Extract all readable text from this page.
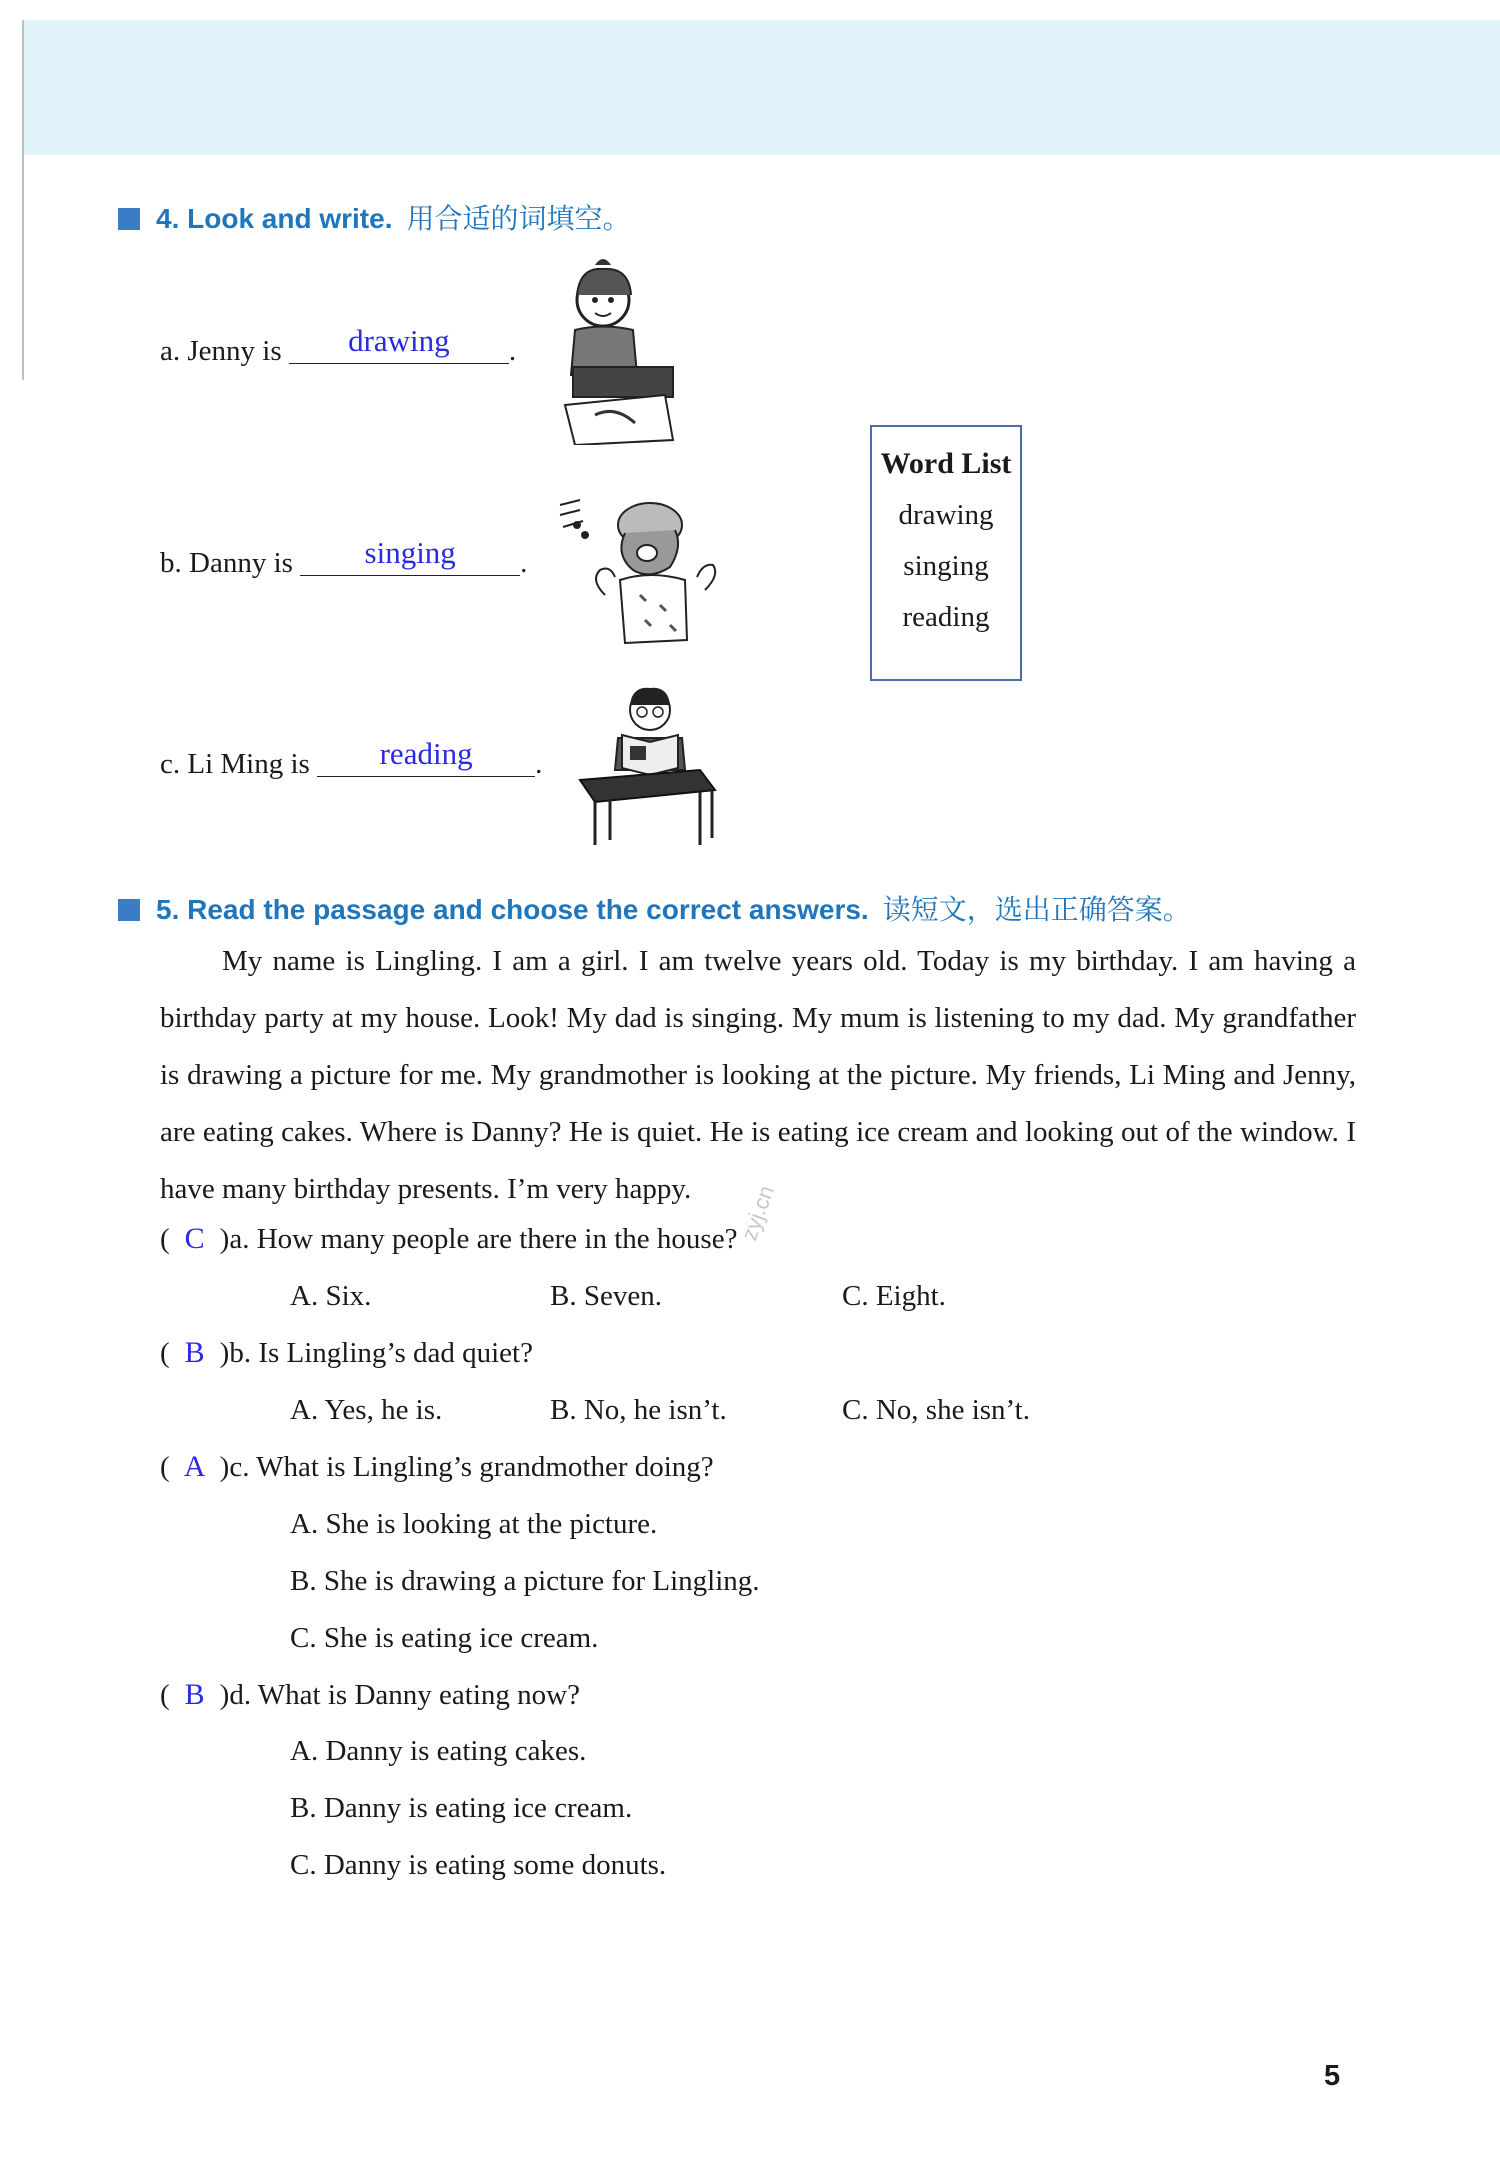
4. Look and write. 用合适的词填空。
a. Jenny is	drawing	.
b. Danny is	singing	.
c. Li Ming is	reading	.
Word List
drawing
singing
reading
5. Read the passage and choose the correct answers. 读短文，选出正确答案。

My name is Lingling. I am a girl. I am twelve years old. Today is my birthday. I am having a birthday party at my house. Look! My dad is singing. My mum is listening to my dad. My grandfather is drawing a picture for me. My grandmother is looking at the picture. My friends, Li Ming and Jenny, are eating cakes. Where is Danny? He is quiet. He is eating ice cream and looking out of the window. I have many birthday presents. I’m very happy.

( C )a. How many people are there in the house?
A. Six.	B. Seven.	C. Eight.
( B )b. Is Lingling’s dad quiet?
A. Yes, he is.	B. No, he isn’t.	C. No, she isn’t.
( A )c. What is Lingling’s grandmother doing?
A. She is looking at the picture.
B. She is drawing a picture for Lingling.
C. She is eating ice cream.
( B )d. What is Danny eating now?
A. Danny is eating cakes.
B. Danny is eating ice cream.
C. Danny is eating some donuts.
zyj.cn
5
